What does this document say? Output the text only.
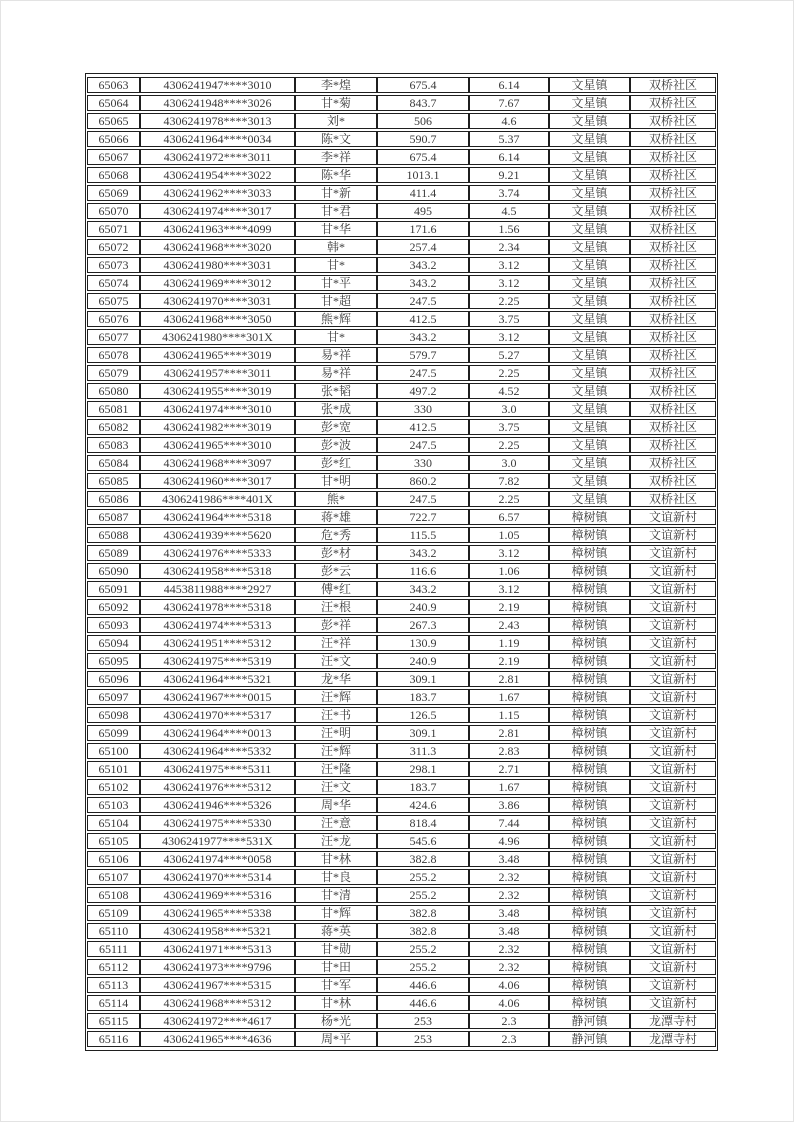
65063	4306241947****3010	李*煌	675.4	6.14	文星镇	双桥社区
65064	4306241948****3026	甘*菊	843.7	7.67	文星镇	双桥社区
65065	4306241978****3013	刘*	506	4.6	文星镇	双桥社区
65066	4306241964****0034	陈*文	590.7	5.37	文星镇	双桥社区
65067	4306241972****3011	李*祥	675.4	6.14	文星镇	双桥社区
65068	4306241954****3022	陈*华	1013.1	9.21	文星镇	双桥社区
65069	4306241962****3033	甘*新	411.4	3.74	文星镇	双桥社区
65070	4306241974****3017	甘*君	495	4.5	文星镇	双桥社区
65071	4306241963****4099	甘*华	171.6	1.56	文星镇	双桥社区
65072	4306241968****3020	韩*	257.4	2.34	文星镇	双桥社区
65073	4306241980****3031	甘*	343.2	3.12	文星镇	双桥社区
65074	4306241969****3012	甘*平	343.2	3.12	文星镇	双桥社区
65075	4306241970****3031	甘*超	247.5	2.25	文星镇	双桥社区
65076	4306241968****3050	熊*辉	412.5	3.75	文星镇	双桥社区
65077	4306241980****301X	甘*	343.2	3.12	文星镇	双桥社区
65078	4306241965****3019	易*祥	579.7	5.27	文星镇	双桥社区
65079	4306241957****3011	易*祥	247.5	2.25	文星镇	双桥社区
65080	4306241955****3019	张*韬	497.2	4.52	文星镇	双桥社区
65081	4306241974****3010	张*成	330	3.0	文星镇	双桥社区
65082	4306241982****3019	彭*宽	412.5	3.75	文星镇	双桥社区
65083	4306241965****3010	彭*波	247.5	2.25	文星镇	双桥社区
65084	4306241968****3097	彭*红	330	3.0	文星镇	双桥社区
65085	4306241960****3017	甘*明	860.2	7.82	文星镇	双桥社区
65086	4306241986****401X	熊*	247.5	2.25	文星镇	双桥社区
65087	4306241964****5318	蒋*雄	722.7	6.57	樟树镇	文谊新村
65088	4306241939****5620	危*秀	115.5	1.05	樟树镇	文谊新村
65089	4306241976****5333	彭*材	343.2	3.12	樟树镇	文谊新村
65090	4306241958****5318	彭*云	116.6	1.06	樟树镇	文谊新村
65091	4453811988****2927	傅*红	343.2	3.12	樟树镇	文谊新村
65092	4306241978****5318	汪*根	240.9	2.19	樟树镇	文谊新村
65093	4306241974****5313	彭*祥	267.3	2.43	樟树镇	文谊新村
65094	4306241951****5312	汪*祥	130.9	1.19	樟树镇	文谊新村
65095	4306241975****5319	汪*文	240.9	2.19	樟树镇	文谊新村
65096	4306241964****5321	龙*华	309.1	2.81	樟树镇	文谊新村
65097	4306241967****0015	汪*辉	183.7	1.67	樟树镇	文谊新村
65098	4306241970****5317	汪*书	126.5	1.15	樟树镇	文谊新村
65099	4306241964****0013	汪*明	309.1	2.81	樟树镇	文谊新村
65100	4306241964****5332	汪*辉	311.3	2.83	樟树镇	文谊新村
65101	4306241975****5311	汪*隆	298.1	2.71	樟树镇	文谊新村
65102	4306241976****5312	汪*文	183.7	1.67	樟树镇	文谊新村
65103	4306241946****5326	周*华	424.6	3.86	樟树镇	文谊新村
65104	4306241975****5330	汪*意	818.4	7.44	樟树镇	文谊新村
65105	4306241977****531X	汪*龙	545.6	4.96	樟树镇	文谊新村
65106	4306241974****0058	甘*林	382.8	3.48	樟树镇	文谊新村
65107	4306241970****5314	甘*良	255.2	2.32	樟树镇	文谊新村
65108	4306241969****5316	甘*清	255.2	2.32	樟树镇	文谊新村
65109	4306241965****5338	甘*辉	382.8	3.48	樟树镇	文谊新村
65110	4306241958****5321	蒋*英	382.8	3.48	樟树镇	文谊新村
65111	4306241971****5313	甘*勋	255.2	2.32	樟树镇	文谊新村
65112	4306241973****9796	甘*田	255.2	2.32	樟树镇	文谊新村
65113	4306241967****5315	甘*军	446.6	4.06	樟树镇	文谊新村
65114	4306241968****5312	甘*林	446.6	4.06	樟树镇	文谊新村
65115	4306241972****4617	杨*光	253	2.3	静河镇	龙潭寺村
65116	4306241965****4636	周*平	253	2.3	静河镇	龙潭寺村
